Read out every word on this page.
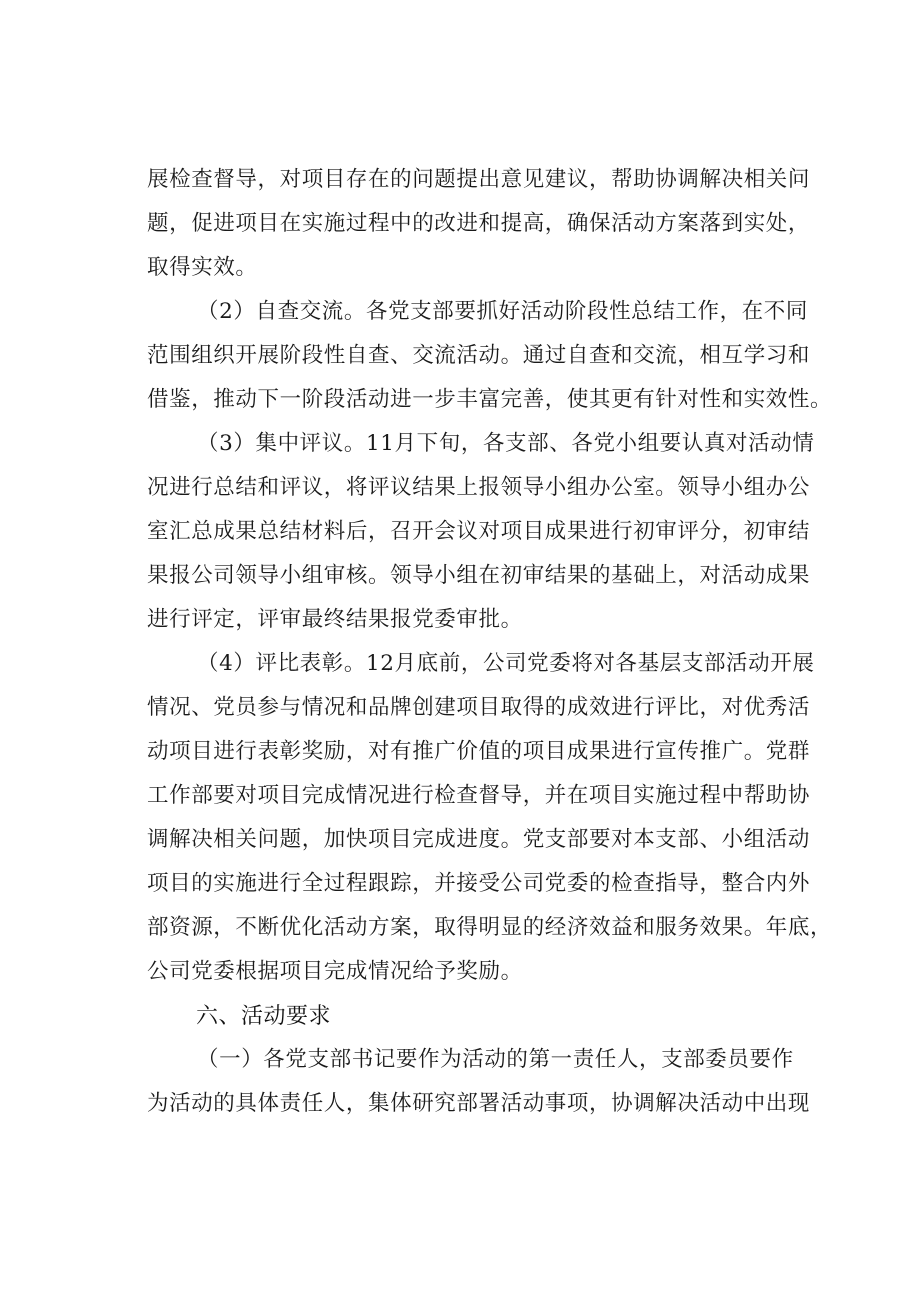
展检查督导，对项目存在的问题提出意见建议，帮助协调解决相关问
题，促进项目在实施过程中的改进和提高，确保活动方案落到实处，
取得实效。
（2）自查交流。各党支部要抓好活动阶段性总结工作，在不同
范围组织开展阶段性自查、交流活动。通过自查和交流，相互学习和
借鉴，推动下一阶段活动进一步丰富完善，使其更有针对性和实效性。
（3）集中评议。11月下旬，各支部、各党小组要认真对活动情
况进行总结和评议，将评议结果上报领导小组办公室。领导小组办公
室汇总成果总结材料后，召开会议对项目成果进行初审评分，初审结
果报公司领导小组审核。领导小组在初审结果的基础上，对活动成果
进行评定，评审最终结果报党委审批。
（4）评比表彰。12月底前，公司党委将对各基层支部活动开展
情况、党员参与情况和品牌创建项目取得的成效进行评比，对优秀活
动项目进行表彰奖励，对有推广价值的项目成果进行宣传推广。党群
工作部要对项目完成情况进行检查督导，并在项目实施过程中帮助协
调解决相关问题，加快项目完成进度。党支部要对本支部、小组活动
项目的实施进行全过程跟踪，并接受公司党委的检查指导，整合内外
部资源，不断优化活动方案，取得明显的经济效益和服务效果。年底，
公司党委根据项目完成情况给予奖励。
六、活动要求
（一）各党支部书记要作为活动的第一责任人，支部委员要作
为活动的具体责任人，集体研究部署活动事项，协调解决活动中出现
